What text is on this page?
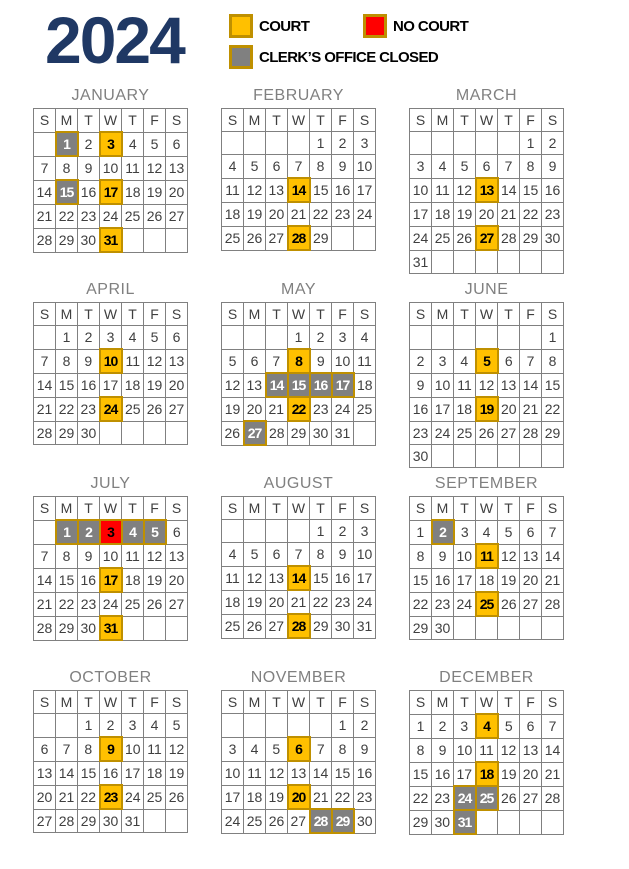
2024	COURT	NO COURT
CLERK’S OFFICE CLOSED
JANUARY
S	M	T	W	T	F	S
	1	2	3	4	5	6
7	8	9	10	11	12	13
14	15	16	17	18	19	20
21	22	23	24	25	26	27
28	29	30	31			
FEBRUARY
S	M	T	W	T	F	S
				1	2	3
4	5	6	7	8	9	10
11	12	13	14	15	16	17
18	19	20	21	22	23	24
25	26	27	28	29		
MARCH
S	M	T	W	T	F	S
					1	2
3	4	5	6	7	8	9
10	11	12	13	14	15	16
17	18	19	20	21	22	23
24	25	26	27	28	29	30
31						
APRIL
S	M	T	W	T	F	S
	1	2	3	4	5	6
7	8	9	10	11	12	13
14	15	16	17	18	19	20
21	22	23	24	25	26	27
28	29	30				
MAY
S	M	T	W	T	F	S
			1	2	3	4
5	6	7	8	9	10	11
12	13	14	15	16	17	18
19	20	21	22	23	24	25
26	27	28	29	30	31	
JUNE
S	M	T	W	T	F	S
						1
2	3	4	5	6	7	8
9	10	11	12	13	14	15
16	17	18	19	20	21	22
23	24	25	26	27	28	29
30						
JULY
S	M	T	W	T	F	S
	1	2	3	4	5	6
7	8	9	10	11	12	13
14	15	16	17	18	19	20
21	22	23	24	25	26	27
28	29	30	31			
AUGUST
S	M	T	W	T	F	S
				1	2	3
4	5	6	7	8	9	10
11	12	13	14	15	16	17
18	19	20	21	22	23	24
25	26	27	28	29	30	31
SEPTEMBER
S	M	T	W	T	F	S
1	2	3	4	5	6	7
8	9	10	11	12	13	14
15	16	17	18	19	20	21
22	23	24	25	26	27	28
29	30					
OCTOBER
S	M	T	W	T	F	S
		1	2	3	4	5
6	7	8	9	10	11	12
13	14	15	16	17	18	19
20	21	22	23	24	25	26
27	28	29	30	31		
NOVEMBER
S	M	T	W	T	F	S
					1	2
3	4	5	6	7	8	9
10	11	12	13	14	15	16
17	18	19	20	21	22	23
24	25	26	27	28	29	30
DECEMBER
S	M	T	W	T	F	S
1	2	3	4	5	6	7
8	9	10	11	12	13	14
15	16	17	18	19	20	21
22	23	24	25	26	27	28
29	30	31				
